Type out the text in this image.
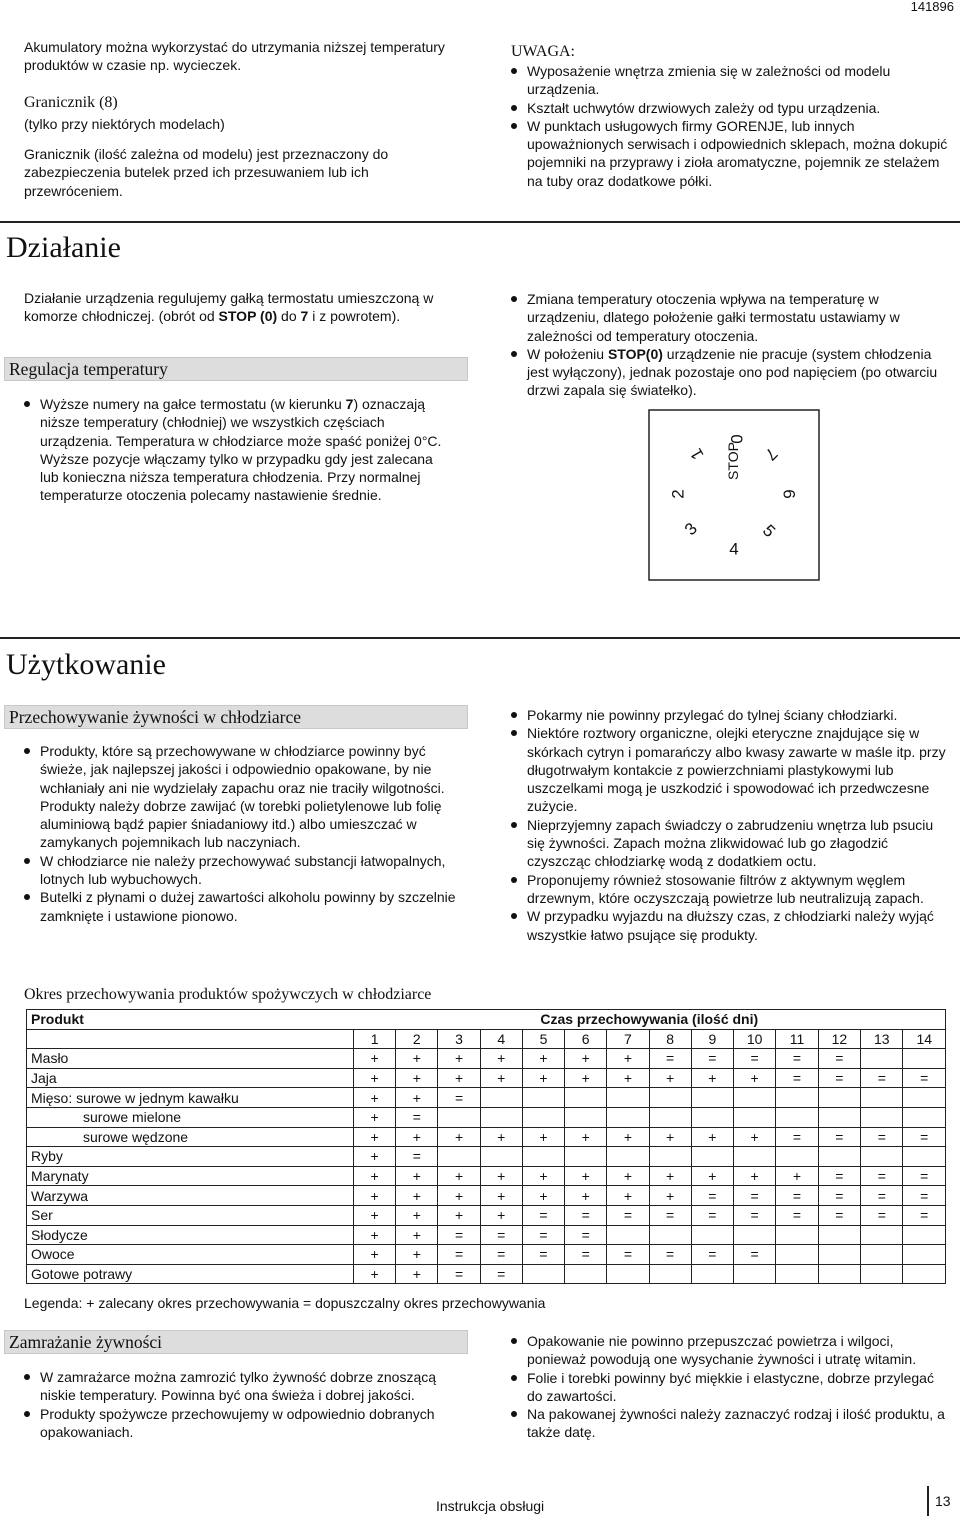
141896
Akumulatory można wykorzystać do utrzymania niższej temperatury produktów w czasie np. wycieczek.
Granicznik (8)
(tylko przy niektórych modelach)
Granicznik (ilość zależna od modelu) jest przeznaczony do zabezpieczenia butelek przed ich przesuwaniem lub ich przewróceniem.
UWAGA:
Wyposażenie wnętrza zmienia się w zależności od modelu urządzenia.
Kształt uchwytów drzwiowych zależy od typu urządzenia.
W punktach usługowych firmy GORENJE, lub innych upoważnionych serwisach i odpowiednich sklepach, można dokupić pojemniki na przyprawy i zioła aromatyczne, pojemnik ze stelażem na tuby oraz dodatkowe półki.
Działanie
Działanie urządzenia regulujemy gałką termostatu umieszczoną w komorze chłodniczej. (obrót od STOP (0) do 7 i z powrotem).
Regulacja temperatury
Wyższe numery na gałce termostatu (w kierunku 7) oznaczają niższe temperatury (chłodniej) we wszystkich częściach urządzenia. Temperatura w chłodziarce może spaść poniżej 0°C. Wyższe pozycje włączamy tylko w przypadku gdy jest zalecana lub konieczna niższa temperatura chłodzenia. Przy normalnej temperaturze otoczenia polecamy nastawienie średnie.
Zmiana temperatury otoczenia wpływa na temperaturę w urządzeniu, dlatego położenie gałki termostatu ustawiamy w zależności od temperatury otoczenia.
W położeniu STOP(0) urządzenie nie pracuje (system chłodzenia jest wyłączony), jednak pozostaje ono pod napięciem (po otwarciu drzwi zapala się światełko).
STOP
0
1
2
3
4
5
6
7
Użytkowanie
Przechowywanie żywności w chłodziarce
Produkty, które są przechowywane w chłodziarce powinny być świeże, jak najlepszej jakości i odpowiednio opakowane, by nie wchłaniały ani nie wydzielały zapachu oraz nie traciły wilgotności. Produkty należy dobrze zawijać (w torebki polietylenowe lub folię aluminiową bądź papier śniadaniowy itd.) albo umieszczać w zamykanych pojemnikach lub naczyniach.
W chłodziarce nie należy przechowywać substancji łatwopalnych, lotnych lub wybuchowych.
Butelki z płynami o dużej zawartości alkoholu powinny by szczelnie zamknięte i ustawione pionowo.
Pokarmy nie powinny przylegać do tylnej ściany chłodziarki.
Niektóre roztwory organiczne, olejki eteryczne znajdujące się w skórkach cytryn i pomarańczy albo kwasy zawarte w maśle itp. przy długotrwałym kontakcie z powierzchniami plastykowymi lub uszczelkami mogą je uszkodzić i spowodować ich przedwczesne zużycie.
Nieprzyjemny zapach świadczy o zabrudzeniu wnętrza lub psuciu się żywności. Zapach można zlikwidować lub go złagodzić czyszcząc chłodziarkę wodą z dodatkiem octu.
Proponujemy również stosowanie filtrów z aktywnym węglem drzewnym, które oczyszczają powietrze lub neutralizują zapach.
W przypadku wyjazdu na dłuższy czas, z chłodziarki należy wyjąć wszystkie łatwo psujące się produkty.
Okres przechowywania produktów spożywczych w chłodziarce
Produkt	Czas przechowywania (ilość dni)													
	1	2	3	4	5	6	7	8	9	10	11	12	13	14
Masło	+	+	+	+	+	+	+	=	=	=	=	=		
Jaja	+	+	+	+	+	+	+	+	+	+	=	=	=	=
Mięso: surowe w jednym kawałku	+	+	=											
surowe mielone	+	=												
surowe wędzone	+	+	+	+	+	+	+	+	+	+	=	=	=	=
Ryby	+	=												
Marynaty	+	+	+	+	+	+	+	+	+	+	+	=	=	=
Warzywa	+	+	+	+	+	+	+	+	=	=	=	=	=	=
Ser	+	+	+	+	=	=	=	=	=	=	=	=	=	=
Słodycze	+	+	=	=	=	=								
Owoce	+	+	=	=	=	=	=	=	=	=				
Gotowe potrawy	+	+	=	=										
Legenda: + zalecany okres przechowywania = dopuszczalny okres przechowywania
Zamrażanie żywności
W zamrażarce można zamrozić tylko żywność dobrze znoszącą niskie temperatury. Powinna być ona świeża i dobrej jakości.
Produkty spożywcze przechowujemy w odpowiednio dobranych opakowaniach.
Opakowanie nie powinno przepuszczać powietrza i wilgoci, ponieważ powodują one wysychanie żywności i utratę witamin.
Folie i torebki powinny być miękkie i elastyczne, dobrze przylegać do zawartości.
Na pakowanej żywności należy zaznaczyć rodzaj i ilość produktu, a także datę.
Instrukcja obsługi	13
